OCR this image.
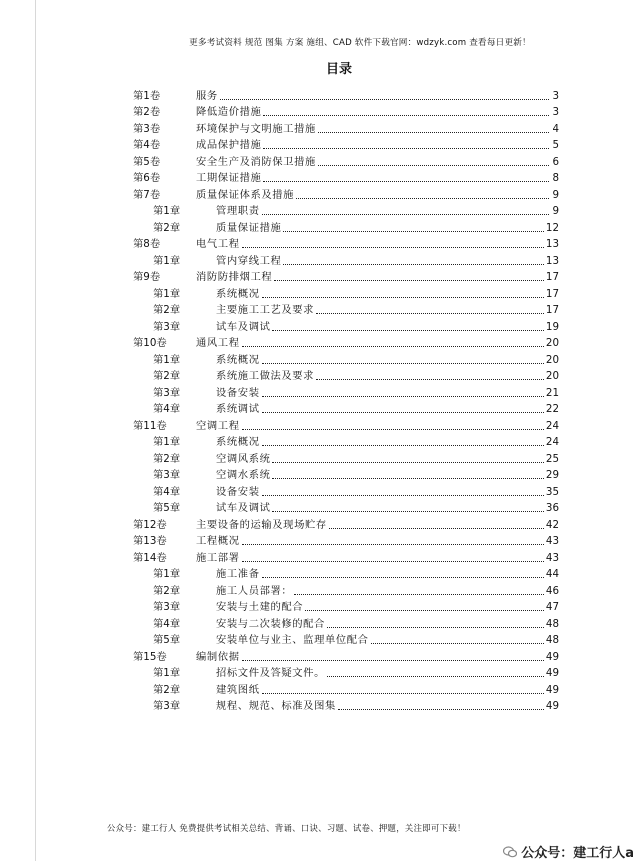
更多考试资料 规范 图集 方案 施组、CAD 软件下载官网：wdzyk.com 查看每日更新！
目录
第1卷	服务	3
第2卷	降低造价措施	3
第3卷	环境保护与文明施工措施	4
第4卷	成品保护措施	5
第5卷	安全生产及消防保卫措施	6
第6卷	工期保证措施	8
第7卷	质量保证体系及措施	9
第1章	管理职责	9
第2章	质量保证措施	12
第8卷	电气工程	13
第1章	管内穿线工程	13
第9卷	消防防排烟工程	17
第1章	系统概况	17
第2章	主要施工工艺及要求	17
第3章	试车及调试	19
第10卷	通风工程	20
第1章	系统概况	20
第2章	系统施工做法及要求	20
第3章	设备安装	21
第4章	系统调试	22
第11卷	空调工程	24
第1章	系统概况	24
第2章	空调风系统	25
第3章	空调水系统	29
第4章	设备安装	35
第5章	试车及调试	36
第12卷	主要设备的运输及现场贮存	42
第13卷	工程概况	43
第14卷	施工部署	43
第1章	施工准备	44
第2章	施工人员部署：	46
第3章	安装与土建的配合	47
第4章	安装与二次装修的配合	48
第5章	安装单位与业主、监理单位配合	48
第15卷	编制依据	49
第1章	招标文件及答疑文件。	49
第2章	建筑图纸	49
第3章	规程、规范、标准及图集	49
公众号：建工行人 免费提供考试相关总结、背诵、口诀、习题、试卷、押题，关注即可下载！
公众号：建工行人a
